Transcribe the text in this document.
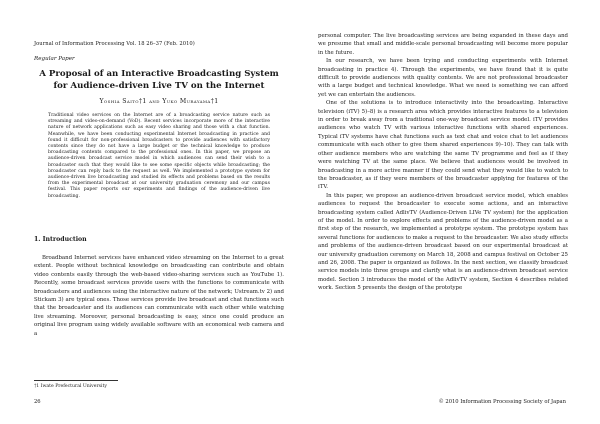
Journal of Information Processing Vol. 18 26–37 (Feb. 2010)
Regular Paper
A Proposal of an Interactive Broadcasting System for Audience-driven Live TV on the Internet
Yoshia Saito†1 and Yuko Murayama†1

Traditional video services on the Internet are of a broadcasting service nature such as streaming and video-on-demand (VoD). Recent services incorporate more of the interactive nature of network applications such as easy video sharing and those with a chat function. Meanwhile, we have been conducting experimental Internet broadcasting in practice and found it difficult for non-professional broadcasters to provide audiences with satisfactory contents since they do not have a large budget or the technical knowledge to produce broadcasting contents compared to the professional ones. In this paper, we propose an audience-driven broadcast service model in which audiences can send their wish to a broadcaster such that they would like to see some specific objects while broadcasting; the broadcaster can reply back to the request as well. We implemented a prototype system for audience-driven live broadcasting and studied its effects and problems based on the results from the experimental broadcast at our university graduation ceremony and our campus festival. This paper reports our experiments and findings of the audience-driven live broadcasting.

1. Introduction

Broadband Internet services have enhanced video streaming on the Internet to a great extent. People without technical knowledge on broadcasting can contribute and obtain video contents easily through the web-based video-sharing services such as YouTube 1). Recently, some broadcast services provide users with the functions to communicate with broadcasters and audiences using the interactive nature of the network; Ustream.tv 2) and Stickam 3) are typical ones. Those services provide live broadcast and chat functions such that the broadcaster and its audiences can communicate with each other while watching live streaming. Moreover, personal broadcasting is easy, since one could produce an original live program using widely available software with an economical web camera and a

personal computer. The live broadcasting services are being expanded in these days and we presume that small and middle-scale personal broadcasting will become more popular in the future.

In our research, we have been trying and conducting experiments with Internet broadcasting in practice 4). Through the experiments, we have found that it is quite difficult to provide audiences with quality contents. We are not professional broadcaster with a large budget and technical knowledge. What we need is something we can afford yet we can entertain the audiences.

One of the solutions is to introduce interactivity into the broadcasting. Interactive television (iTV) 5)–8) is a research area which provides interactive features to a television in order to break away from a traditional one-way broadcast service model. iTV provides audiences who watch TV with various interactive functions with shared experiences. Typical iTV systems have chat functions such as text chat and voice chat to let audiences communicate with each other to give them shared experiences 9)–10). They can talk with other audience members who are watching the same TV programme and feel as if they were watching TV at the same place. We believe that audiences would be involved in broadcasting in a more active manner if they could send what they would like to watch to the broadcaster, as if they were members of the broadcaster applying for features of the iTV.

In this paper, we propose an audience-driven broadcast service model, which enables audiences to request the broadcaster to execute some actions, and an interactive broadcasting system called AdlivTV (Audience-Driven LIVe TV system) for the application of the model. In order to explore effects and problems of the audience-driven model as a first step of the research, we implemented a prototype system. The prototype system has several functions for audiences to make a request to the broadcaster. We also study effects and problems of the audience-driven broadcast based on our experimental broadcast at our university graduation ceremony on March 18, 2008 and campus festival on October 25 and 26, 2008. The paper is organized as follows. In the next section, we classify broadcast service models into three groups and clarify what is an audience-driven broadcast service model. Section 3 introduces the model of the AdlivTV system, Section 4 describes related work. Section 5 presents the design of the prototype

†1 Iwate Prefectural University
26	© 2010 Information Processing Society of Japan
